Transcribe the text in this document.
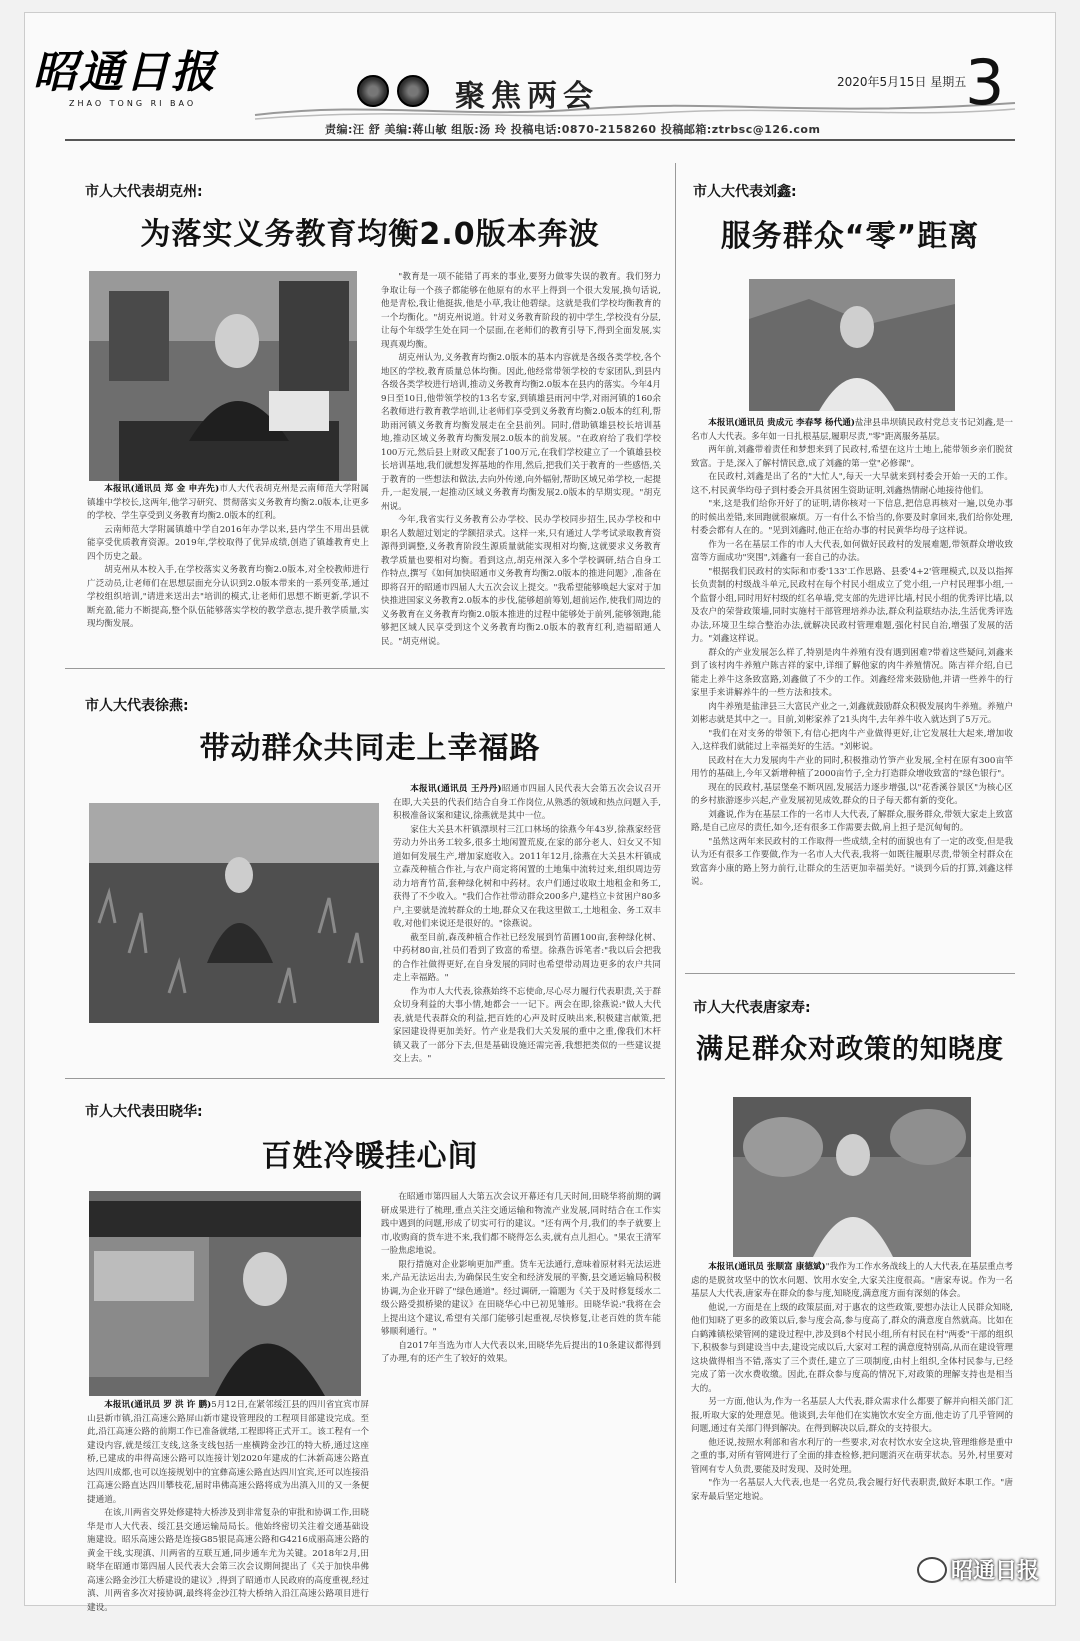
昭通日报
ZHAO TONG RI BAO	聚焦两会	2020年5月15日 星期五
3
责编:汪 舒 美编:蒋山敏 组版:汤 玲 投稿电话:0870-2158260 投稿邮箱:ztrbsc@126.com
市人大代表胡克州:
为落实义务教育均衡2.0版本奔波

本报讯(通讯员 郑 金 申卉先)市人大代表胡克州是云南师范大学附属镇雄中学校长,这两年,他学习研究、贯彻落实义务教育均衡2.0版本,让更多的学校、学生享受到义务教育均衡2.0版本的红利。

云南师范大学附属镇雄中学自2016年办学以来,县内学生不用出县就能享受优质教育资源。2019年,学校取得了优异成绩,创造了镇雄教育史上四个历史之最。

胡克州从本校入手,在学校落实义务教育均衡2.0版本,对全校教师进行广泛动员,让老师们在思想层面充分认识到2.0版本带来的一系列变革,通过学校组织培训,"请进来送出去"培训的模式,让老师们思想不断更新,学识不断充盈,能力不断提高,整个队伍能够落实学校的教学意志,提升教学质量,实现均衡发展。

"教育是一项不能错了再来的事业,要努力做零失误的教育。我们努力争取让每一个孩子都能够在他原有的水平上得到一个很大发展,换句话说,他是青松,我让他挺拔,他是小草,我让他碧绿。这就是我们学校均衡教育的一个均衡化。"胡克州说道。针对义务教育阶段的初中学生,学校没有分层,让每个年级学生处在同一个层面,在老师们的教育引导下,得到全面发展,实现真观均衡。

胡克州认为,义务教育均衡2.0版本的基本内容就是各级各类学校,各个地区的学校,教育质量总体均衡。因此,他经常带领学校的专家团队,到县内各级各类学校进行培训,推动义务教育均衡2.0版本在县内的落实。今年4月9日至10日,他带领学校的13名专家,到镇雄县雨河中学,对雨河镇的160余名教师进行教育教学培训,让老师们享受到义务教育均衡2.0版本的红利,帮助雨河镇义务教育均衡发展走在全县前列。同时,借助镇雄县校长培训基地,推动区域义务教育均衡发展2.0版本的前发展。"在政府给了我们学校100万元,然后县上财政又配套了100万元,在我们学校建立了一个镇雄县校长培训基地,我们就想发挥基地的作用,然后,把我们关于教育的一些感悟,关于教育的一些想法和做法,去向外传递,向外辐射,帮助区域兄弟学校,一起提升,一起发展,一起推动区域义务教育均衡发展2.0版本的早期实现。"胡克州说。

今年,我省实行义务教育公办学校、民办学校同步招生,民办学校和中职名人数超过划定的学额招录式。这样一来,只有通过人学考试录取教育资源得到调整,义务教育阶段生源质量就能实现相对均衡,这就要求义务教育教学质量也要相对均衡。看到这点,胡克州深入多个学校调研,结合自身工作特点,撰写《如何加快昭通市义务教育均衡2.0版本的推进问题》,准备在即将召开的昭通市四届人大五次会议上提交。"我希望能够唤起大家对于加快推进国家义务教育2.0版本的步伐,能够超前筹划,超前运作,使我们周边的义务教育在义务教育均衡2.0版本推进的过程中能够处于前列,能够领跑,能够把区域人民享受到这个义务教育均衡2.0版本的教育红利,造福昭通人民。"胡克州说。

市人大代表徐燕:
带动群众共同走上幸福路

本报讯(通讯员 王丹丹)昭通市四届人民代表大会第五次会议召开在即,大关县的代表们结合自身工作岗位,从熟悉的领域和热点问题入手,积极准备议案和建议,徐燕就是其中一位。

家住大关县木杆镇漂坝村三江口林场的徐燕今年43岁,徐燕家经营劳动力外出务工较多,很多土地闲置荒废,在家的部分老人、妇女又不知道如何发展生产,增加家庭收入。2011年12月,徐燕在大关县木杆镇成立森茂种植合作社,与农户商定将闲置的土地集中流转过来,组织周边劳动力培育竹苗,套种绿化树和中药材。农户们通过收取土地租金和务工,获得了不少收入。"我们合作社带动群众200多户,建档立卡贫困户80多户,主要就是流转群众的土地,群众又在我这里做工,土地租金、务工双丰收,对他们来说还是很好的。"徐燕说。

截至目前,森茂种植合作社已经发展到竹苗圃100亩,套种绿化树、中药材80亩,社员们看到了致富的希望。徐燕告诉笔者:"我以后会把我的合作社做得更好,在自身发展的同时也希望带动周边更多的农户共同走上幸福路。"

作为市人大代表,徐燕始终不忘使命,尽心尽力履行代表职责,关于群众切身利益的大事小情,她都会一一记下。两会在即,徐燕说:"做人大代表,就是代表群众的利益,把百姓的心声及时反映出来,积极建言献策,把家园建设得更加美好。竹产业是我们大关发展的重中之重,像我们木杆镇又栽了一部分下去,但是基础设施还需完善,我想把类似的一些建议提交上去。"

市人大代表田晓华:
百姓冷暖挂心间

本报讯(通讯员 罗 洪 许 鹏)5月12日,在紧邻绥江县的四川省宜宾市屏山县新市镇,沿江高速公路屏山新市建设管理段的工程项目部建设完成。至此,沿江高速公路的前期工作已准备就绪,工程即将正式开工。该工程有一个建设内容,就是绥江支线,这条支线包括一座横跨金沙江的特大桥,通过这座桥,已建成的串得高速公路可以连接计划2020年建成的仁沐新高速公路直达四川成都,也可以连接规划中的宜彝高速公路直达四川宜宾,还可以连接沿江高速公路直达四川攀枝花,届时串佛高速公路将成为出滇入川的又一条便捷通道。

在该,川两省交界处修建特大桥涉及到非常复杂的审批和协调工作,田晓华是市人大代表、绥江县交通运输局局长。他始终密切关注着交通基础设施建设。昭乐高速公路是连接G85银昆高速公路和G4216成丽高速公路的黄金干线,实现滇、川两省的互联互通,同步通车尤为关键。2018年2月,田晓华在昭通市第四届人民代表大会第三次会议期间提出了《关于加快串佛高速公路金沙江大桥建设的建议》,得到了昭通市人民政府的高度重视,经过滇、川两省多次对接协调,最终将金沙江特大桥纳入沿江高速公路项目进行建设。

在昭通市第四届人大第五次会议开幕还有几天时间,田晓华将前期的调研成果进行了梳理,重点关注交通运输和物流产业发展,同时结合在工作实践中遇到的问题,形成了切实可行的建议。"还有两个月,我们的李子就要上市,收购商的货车进不来,我们都不晓得怎么卖,就有点儿担心。"果农王清军一脸焦虑地说。

限行措施对企业影响更加严重。货车无法通行,意味着原材料无法运进来,产品无法运出去,为确保民生安全和经济发展的平衡,县交通运输局积极协调,为企业开辟了"绿色通道"。经过调研,一篇题为《关于及时修复绥水二级公路受损桥梁的建议》在田晓华心中已初见雏形。田晓华说:"我将在会上提出这个建议,希望有关部门能够引起重视,尽快修复,让老百姓的货车能够顺利通行。"

自2017年当选为市人大代表以来,田晓华先后提出的10条建议都得到了办理,有的还产生了较好的效果。

市人大代表刘鑫:
服务群众“零”距离

本报讯(通讯员 贵成元 李春琴 杨代通)盐津县串坝镇民政村党总支书记刘鑫,是一名市人大代表。多年如一日扎根基层,履职尽责,"零"距离服务基层。

两年前,刘鑫带着责任和梦想来到了民政村,希望在这片土地上,能带领乡亲们脱贫致富。于是,深入了解村情民意,成了刘鑫的第一堂"必修课"。

在民政村,刘鑫是出了名的"大忙人",每天一大早就来到村委会开始一天的工作。这不,村民黄华均母子到村委会开具贫困生资助证明,刘鑫热情耐心地接待他们。

"来,这是我们给你开好了的证明,请你核对一下信息,把信息再核对一遍,以免办事的时候出差错,来回跑就很麻烦。万一有什么不恰当的,你要及时拿回来,我们给你处理,村委会都有人在的。"见到刘鑫时,他正在给办事的村民黄华均母子这样说。

作为一名在基层工作的市人大代表,如何做好民政村的发展难题,带领群众增收致富等方面成功"突围",刘鑫有一套自己的办法。

"根据我们民政村的实际和市委'133'工作思路、县委'4+2'管理模式,以及以指挥长负责制的村级战斗单元,民政村在每个村民小组成立了党小组,一户村民理事小组,一个监督小组,同时用好村级的红名单墙,党支部的先进评比墙,村民小组的优秀评比墙,以及农户的荣誉政策墙,同时实施村干部管理培养办法,群众利益联结办法,生活优秀评选办法,环境卫生综合整治办法,就解决民政村管理难题,强化村民自治,增强了发展的活力。"刘鑫这样说。

群众的产业发展怎么样了,特别是肉牛养殖有没有遇到困难?带着这些疑问,刘鑫来到了该村肉牛养殖户陈吉祥的家中,详细了解他家的肉牛养殖情况。陈吉祥介绍,自已能走上养牛这条致富路,刘鑫做了不少的工作。刘鑫经常来鼓励他,并请一些养牛的行家里手来讲解养牛的一些方法和技术。

肉牛养殖是盐津县三大富民产业之一,刘鑫就鼓励群众积极发展肉牛养殖。养殖户刘彬志就是其中之一。目前,刘彬家养了21头肉牛,去年养牛收入就达到了5万元。

"我们在对支务的带领下,有信心把肉牛产业做得更好,让它发展壮大起来,增加收入,这样我们就能过上幸福美好的生活。"刘彬说。

民政村在大力发展肉牛产业的同时,积极推动竹笋产业发展,全村在原有300亩竿用竹的基础上,今年又新增种植了2000亩竹子,全力打造群众增收致富的"绿色银行"。

现在的民政村,基层堡垒不断巩固,发展活力逐步增强,以"花香溪谷景区"为核心区的乡村旅游逐步兴起,产业发展初见成效,群众的日子每天都有新的变化。

刘鑫说,作为在基层工作的一名市人大代表,了解群众,服务群众,带领大家走上致富路,是自己应尽的责任,如今,还有很多工作需要去做,肩上担子是沉甸甸的。

"虽然这两年来民政村的工作取得一些成绩,全村的面貌也有了一定的改变,但是我认为还有很多工作要做,作为一名市人大代表,我将一如既往履职尽责,带领全村群众在致富奔小康的路上努力前行,让群众的生活更加幸福美好。"谈到今后的打算,刘鑫这样说。

市人大代表唐家寿:
满足群众对政策的知晓度

本报讯(通讯员 张顺富 康德斌)"我作为工作水务战线上的人大代表,在基层重点考虑的是脱贫攻坚中的饮水问题、饮用水安全,大家关注度很高。"唐家寿说。作为一名基层人大代表,唐家寿在群众的参与度,知晓度,满意度方面有深刻的体会。

他说,一方面是在上级的政策层面,对于惠农的这些政策,要想办法让人民群众知晓,他们知晓了更多的政策以后,参与度会高,参与度高了,群众的满意度自然就高。比如在白鹤滩镇松梁管网的建设过程中,涉及到8个村民小组,所有村民在村"两委"干部的组织下,积极参与到建设当中去,建设完成以后,大家对工程的满意度特别高,从而在建设管理这块做得相当不错,落实了三个责任,建立了三项制度,由村上组织,全体村民参与,已经完成了第一次水费收缴。因此,在群众参与度高的情况下,对政策的理解支持也是相当大的。

另一方面,他认为,作为一名基层人大代表,群众需求什么都要了解并向相关部门汇报,听取大家的处理意见。他谈到,去年他们在实施饮水安全方面,他走访了几乎管网的问题,通过有关部门得到解决。在得到解决以后,群众的支持很大。

他还说,按照水利部和省水利厅的一些要求,对农村饮水安全这块,管理维修是重中之重的事,对所有管网进行了全面的排查检修,把问题消灭在萌芽状态。另外,村里要对管网有专人负责,要能及时发现、及时处理。

"作为一名基层人大代表,也是一名党员,我会履行好代表职责,做好本职工作。"唐家寿最后坚定地说。

昭通日报
